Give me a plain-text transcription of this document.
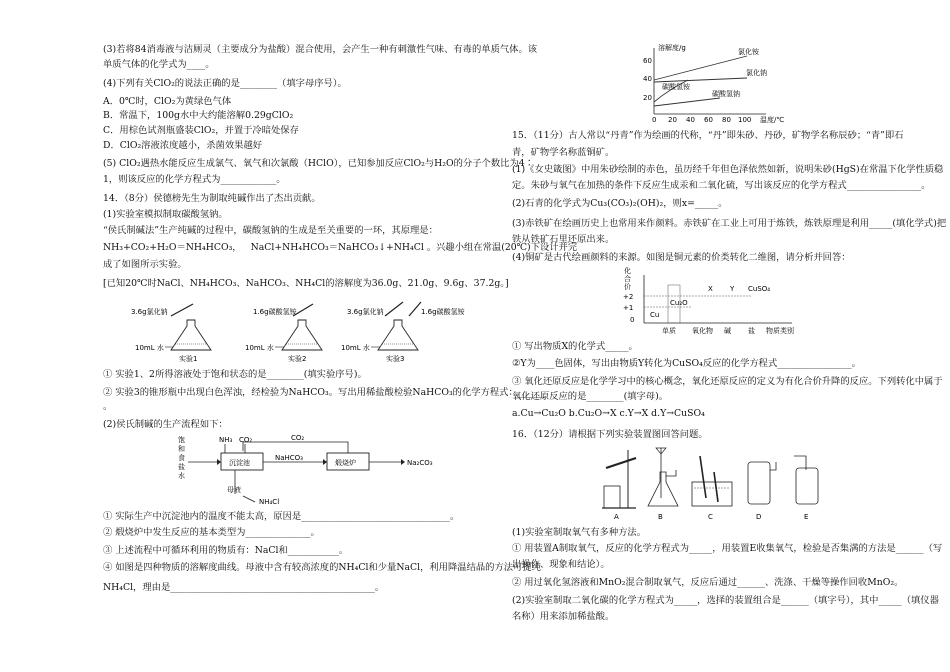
(3)若将84消毒液与洁厕灵（主要成分为盐酸）混合使用，会产生一种有刺激性气味、有毒的单质气体。该
单质气体的化学式为____。
(4)下列有关ClO₂的说法正确的是________（填字母序号）。
A．0℃时，ClO₂为黄绿色气体
B．常温下，100g水中大约能溶解0.29gClO₂
C．用棕色试剂瓶盛装ClO₂，并置于冷暗处保存
D．ClO₂溶液浓度越小，杀菌效果越好
(5) ClO₂遇热水能反应生成氯气、氧气和次氯酸（HClO），已知参加反应ClO₂与H₂O的分子个数比为4∶
1，则该反应的化学方程式为____________。
14．（8分）侯德榜先生为制取纯碱作出了杰出贡献。
(1)实验室模拟制取碳酸氢钠。
“侯氏制碱法”生产纯碱的过程中，碳酸氢钠的生成是至关重要的一环，其原理是：
NH₃+CO₂+H₂O＝NH₄HCO₃， NaCl+NH₄HCO₃＝NaHCO₃↓+NH₄Cl 。兴趣小组在常温(20℃)下设计并完
成了如图所示实验。
[已知20℃时NaCl、NH₄HCO₃、NaHCO₃、NH₄Cl的溶解度为36.0g、21.0g、9.6g、37.2g。]
3.6g氯化钠
10mL 水
实验1
1.6g碳酸氢铵
10mL 水
实验2
3.6g氯化钠	1.6g碳酸氢铵
10mL 水
实验3
① 实验1、2所得溶液处于饱和状态的是________(填实验序号)。
② 实验3的锥形瓶中出现白色浑浊，经检验为NaHCO₃。写出用稀盐酸检验NaHCO₃的化学方程式：______
。
(2)侯氏制碱的生产流程如下：
饱和 食盐 水
NH₃ CO₂
沉淀池
NaHCO₃
煅烧炉	Na₂CO₃
CO₂
母液
NH₄Cl
① 实际生产中沉淀池内的温度不能太高，原因是________________________________。
② 煅烧炉中发生反应的基本类型为______________。
③ 上述流程中可循环利用的物质有：NaCl和___________。
④ 如图是四种物质的溶解度曲线。母液中含有较高浓度的NH₄Cl和少量NaCl，利用降温结晶的方法可提纯
NH₄Cl，理由是____________________________________________。
溶解度/g
温度/℃
20
40
60
0 20 40 60 80 100
氯化铵
氯化钠
碳酸氢铵
碳酸氢钠
15．（11分）古人常以“丹青”作为绘画的代称，“丹”即朱砂、丹砂，矿物学名称辰砂；“青”即石
青，矿物学名称蓝铜矿。
(1)《女史箴图》中用朱砂绘制的赤色，虽历经千年但色泽依然如新，说明朱砂(HgS)在常温下化学性质稳
定。朱砂与氧气在加热的条件下反应生成汞和二氧化硫，写出该反应的化学方程式________________。
(2)石青的化学式为Cu₃(CO₃)₂(OH)₂，则x=_____。
(3)赤铁矿在绘画历史上也常用来作颜料。赤铁矿在工业上可用于炼铁，炼铁原理是利用_____(填化学式)把
铁从铁矿石里还原出来。
(4)铜矿是古代绘画颜料的来源。如图是铜元素的价类转化二维图，请分析并回答：
化合价
+2
+1
0
Cu
Cu₂O
X Y CuSO₄
单质 氧化物 碱 盐 物质类别
① 写出物质X的化学式_____。
②Y为____色固体，写出由物质Y转化为CuSO₄反应的化学方程式________________。
③ 氧化还原反应是化学学习中的核心概念，氧化还原反应的定义为有化合价升降的反应。下列转化中属于
氧化还原反应的是________(填字母)。
a.Cu→Cu₂O b.Cu₂O→X c.Y→X d.Y→CuSO₄
16．（12分）请根据下列实验装置图回答问题。
A	B	C	D	E
(1)实验室制取氧气有多种方法。
① 用装置A制取氧气，反应的化学方程式为_____，用装置E收集氧气，检验是否集满的方法是______（写
出操作、现象和结论）。
② 用过氧化氢溶液和MnO₂混合制取氧气，反应后通过______、洗涤、干燥等操作回收MnO₂。
(2)实验室制取二氧化碳的化学方程式为_____，选择的装置组合是______（填字号），其中_____（填仪器
名称）用来添加稀盐酸。
